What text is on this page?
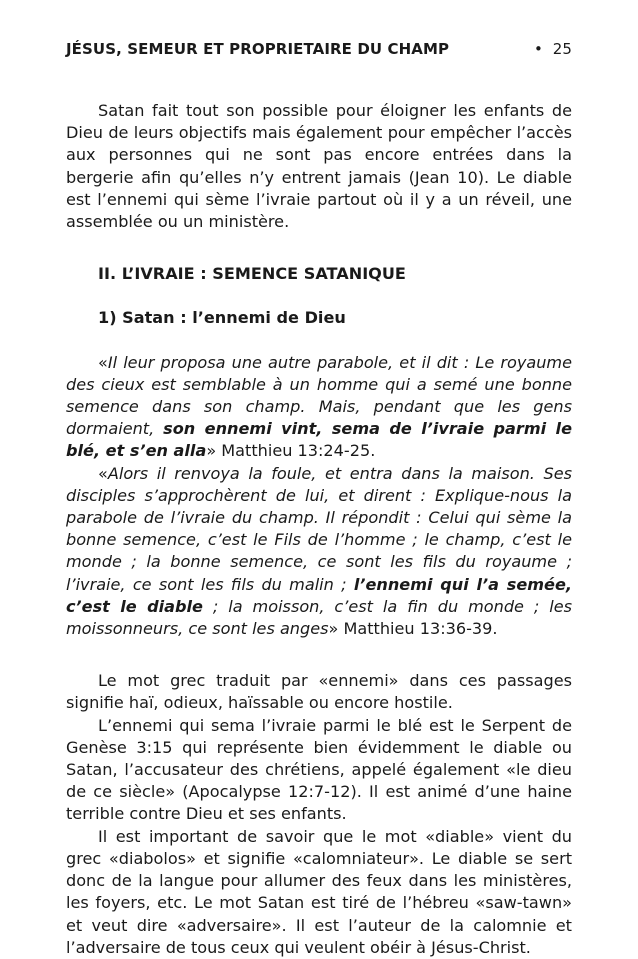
JÉSUS, SEMEUR ET PROPRIETAIRE DU CHAMP	• 25

Satan fait tout son possible pour éloigner les enfants de Dieu de leurs objectifs mais également pour empêcher l’accès aux personnes qui ne sont pas encore entrées dans la bergerie afin qu’elles n’y entrent jamais (Jean 10). Le diable est l’ennemi qui sème l’ivraie partout où il y a un réveil, une assemblée ou un ministère.

II. L’IVRAIE : SEMENCE SATANIQUE

1) Satan : l’ennemi de Dieu

«Il leur proposa une autre parabole, et il dit : Le royaume des cieux est semblable à un homme qui a semé une bonne semence dans son champ. Mais, pendant que les gens dormaient, son ennemi vint, sema de l’ivraie parmi le blé, et s’en alla» Matthieu 13:24-25.

«Alors il renvoya la foule, et entra dans la maison. Ses disciples s’approchèrent de lui, et dirent : Explique-nous la parabole de l’ivraie du champ. Il répondit : Celui qui sème la bonne semence, c’est le Fils de l’homme ; le champ, c’est le monde ; la bonne semence, ce sont les fils du royaume ; l’ivraie, ce sont les fils du malin ; l’ennemi qui l’a semée, c’est le diable ; la moisson, c’est la fin du monde ; les moissonneurs, ce sont les anges» Matthieu 13:36-39.

Le mot grec traduit par «ennemi» dans ces passages signifie haï, odieux, haïssable ou encore hostile.

L’ennemi qui sema l’ivraie parmi le blé est le Serpent de Genèse 3:15 qui représente bien évidemment le diable ou Satan, l’accusateur des chrétiens, appelé également «le dieu de ce siècle» (Apocalypse 12:7-12). Il est animé d’une haine terrible contre Dieu et ses enfants.

Il est important de savoir que le mot «diable» vient du grec «diabolos» et signifie «calomniateur». Le diable se sert donc de la langue pour allumer des feux dans les ministères, les foyers, etc. Le mot Satan est tiré de l’hébreu «saw-tawn» et veut dire «adversaire». Il est l’auteur de la calomnie et l’adversaire de tous ceux qui veulent obéir à Jésus-Christ.
